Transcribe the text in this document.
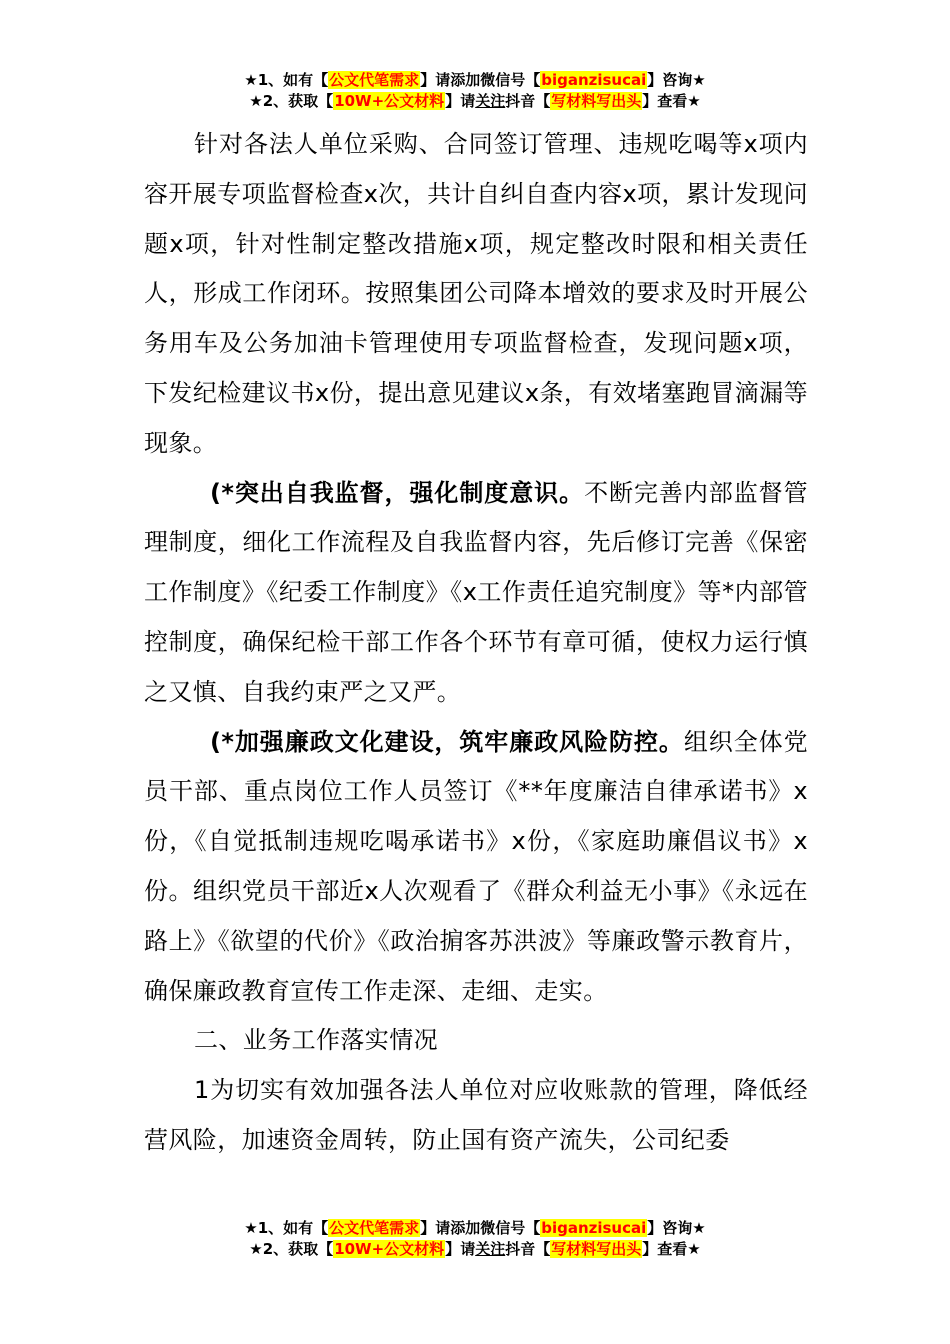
★1、如有【公文代笔需求】请添加微信号【biganzisucai】咨询★
★2、获取【10W+公文材料】请关注抖音【写材料写出头】查看★

针对各法人单位采购、合同签订管理、违规吃喝等x项内容开展专项监督检查x次，共计自纠自查内容x项，累计发现问题x项，针对性制定整改措施x项，规定整改时限和相关责任人，形成工作闭环。按照集团公司降本增效的要求及时开展公务用车及公务加油卡管理使用专项监督检查，发现问题x项，下发纪检建议书x份，提出意见建议x条，有效堵塞跑冒滴漏等现象。

(*突出自我监督，强化制度意识。不断完善内部监督管理制度，细化工作流程及自我监督内容，先后修订完善《保密工作制度》《纪委工作制度》《x工作责任追究制度》等*内部管控制度，确保纪检干部工作各个环节有章可循，使权力运行慎之又慎、自我约束严之又严。

(*加强廉政文化建设，筑牢廉政风险防控。组织全体党员干部、重点岗位工作人员签订《**年度廉洁自律承诺书》x份，《自觉抵制违规吃喝承诺书》x份，《家庭助廉倡议书》x份。组织党员干部近x人次观看了《群众利益无小事》《永远在路上》《欲望的代价》《政治掮客苏洪波》等廉政警示教育片，确保廉政教育宣传工作走深、走细、走实。

二、业务工作落实情况

1为切实有效加强各法人单位对应收账款的管理，降低经营风险，加速资金周转，防止国有资产流失，公司纪委

★1、如有【公文代笔需求】请添加微信号【biganzisucai】咨询★
★2、获取【10W+公文材料】请关注抖音【写材料写出头】查看★
